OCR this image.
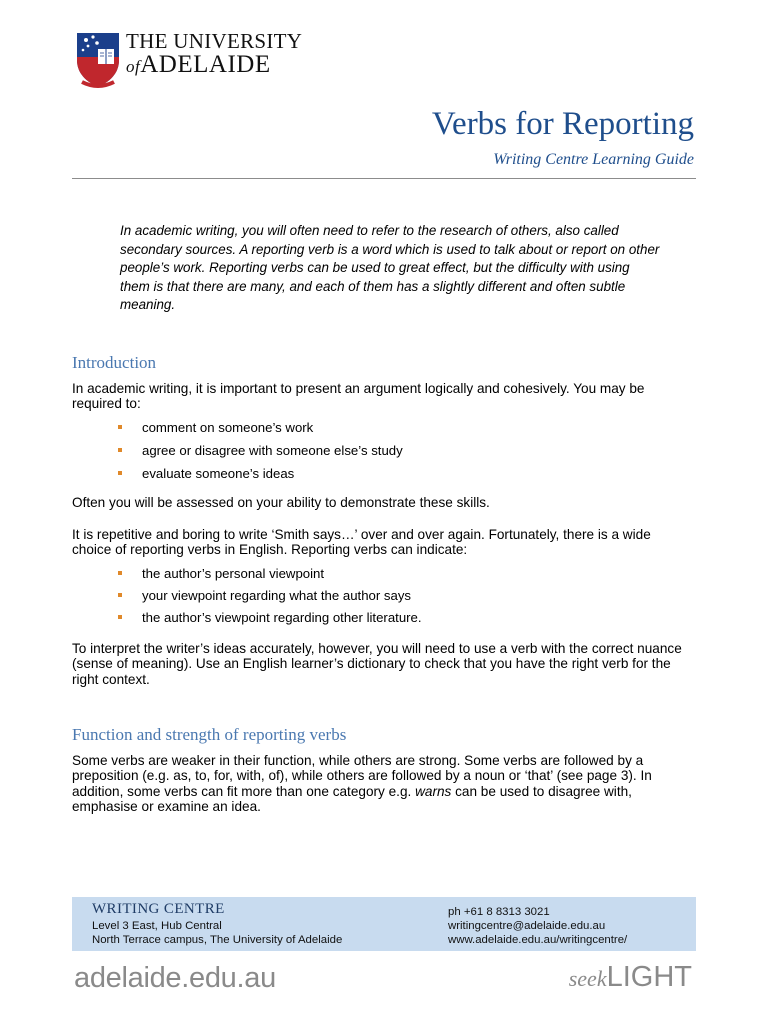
THE UNIVERSITY
ofADELAIDE
Verbs for Reporting
Writing Centre Learning Guide
In academic writing, you will often need to refer to the research of others, also called secondary sources. A reporting verb is a word which is used to talk about or report on other people’s work. Reporting verbs can be used to great effect, but the difficulty with using them is that there are many, and each of them has a slightly different and often subtle meaning.
Introduction
In academic writing, it is important to present an argument logically and cohesively. You may be required to:
comment on someone’s work
agree or disagree with someone else’s study
evaluate someone’s ideas
Often you will be assessed on your ability to demonstrate these skills.
It is repetitive and boring to write ‘Smith says…’ over and over again. Fortunately, there is a wide choice of reporting verbs in English. Reporting verbs can indicate:
the author’s personal viewpoint
your viewpoint regarding what the author says
the author’s viewpoint regarding other literature.
To interpret the writer’s ideas accurately, however, you will need to use a verb with the correct nuance (sense of meaning). Use an English learner’s dictionary to check that you have the right verb for the right context.
Function and strength of reporting verbs
Some verbs are weaker in their function, while others are strong. Some verbs are followed by a preposition (e.g. as, to, for, with, of), while others are followed by a noun or ‘that’ (see page 3). In addition, some verbs can fit more than one category e.g. warns can be used to disagree with, emphasise or examine an idea.
WRITING CENTRE
Level 3 East, Hub Central
North Terrace campus, The University of Adelaide
ph +61 8 8313 3021
writingcentre@adelaide.edu.au
www.adelaide.edu.au/writingcentre/
adelaide.edu.au	seekLIGHT
